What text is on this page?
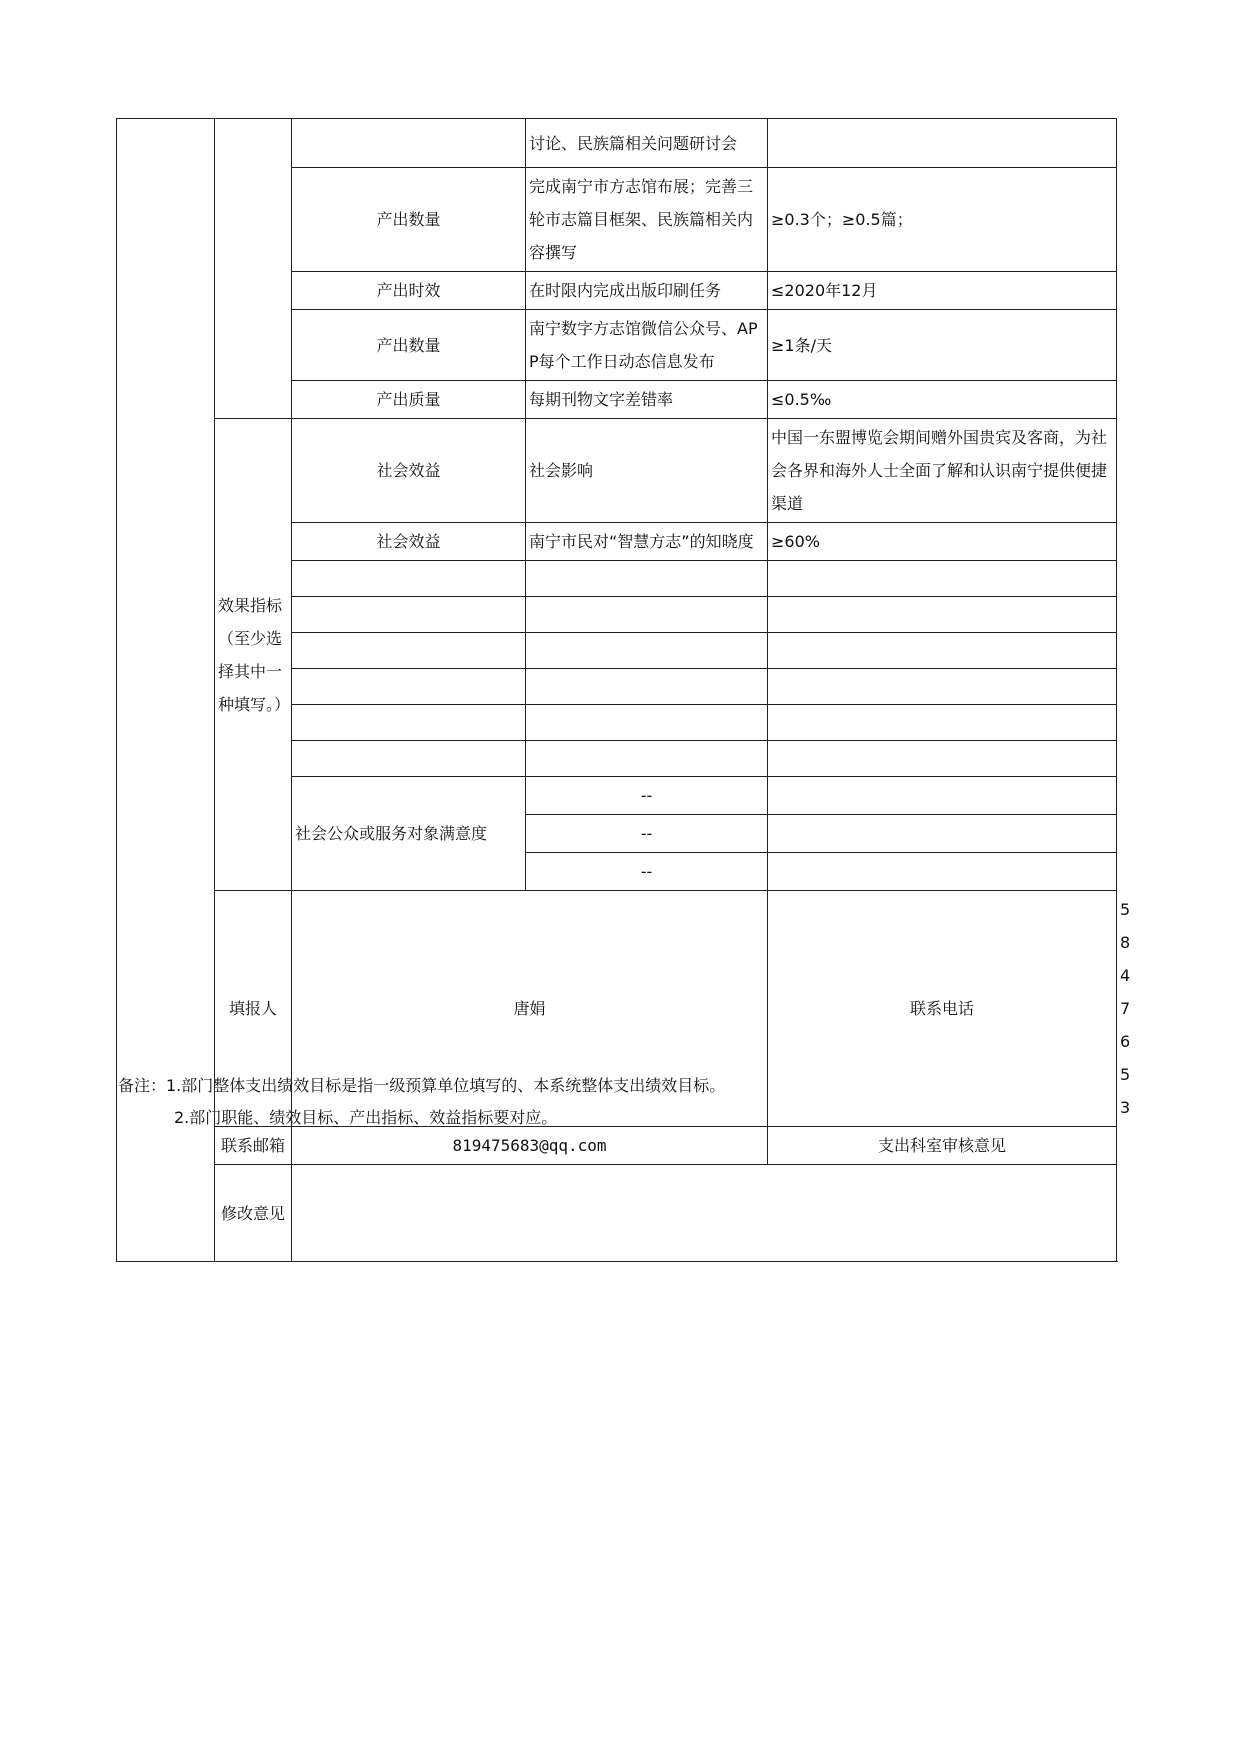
			讨论、民族篇相关问题研讨会		
		产出数量	完成南宁市方志馆布展；完善三轮市志篇目框架、民族篇相关内容撰写	≥0.3个；≥0.5篇；	
		产出时效	在时限内完成出版印刷任务	≤2020年12月	
		产出数量	南宁数字方志馆微信公众号、APP每个工作日动态信息发布	≥1条/天	
		产出质量	每期刊物文字差错率	≤0.5‰	
	效果指标（至少选择其中一种填写。）	社会效益	社会影响	中国一东盟博览会期间赠外国贵宾及客商，为社会各界和海外人士全面了解和认识南宁提供便捷渠道	
		社会效益	南宁市民对“智慧方志”的知晓度	≥60%	

		社会公众或服务对象满意度	--		
			--		
			--		
	填报人	唐娟		联系电话	5847653
	联系邮箱	819475683@qq.com		支出科室审核意见	
	修改意见				
备注：1.部门整体支出绩效目标是指一级预算单位填写的、本系统整体支出绩效目标。
2.部门职能、绩效目标、产出指标、效益指标要对应。
